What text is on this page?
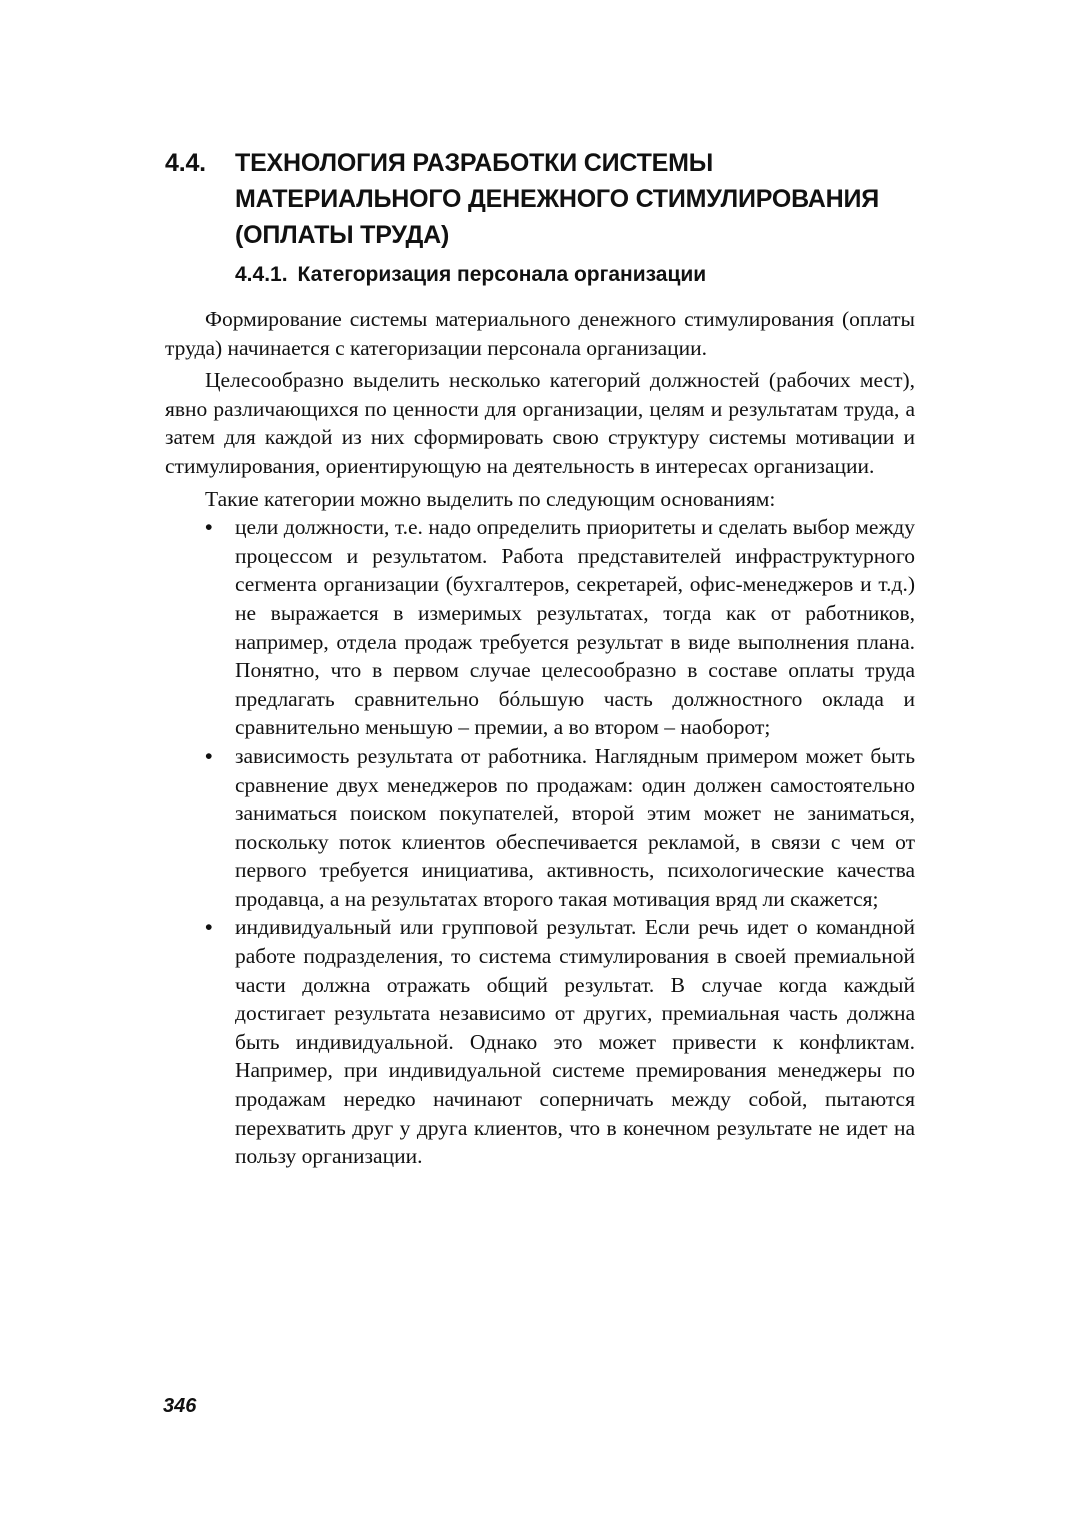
4.4.	ТЕХНОЛОГИЯ РАЗРАБОТКИ СИСТЕМЫ
МАТЕРИАЛЬНОГО ДЕНЕЖНОГО СТИМУЛИРОВАНИЯ
(ОПЛАТЫ ТРУДА)
4.4.1. Категоризация персонала организации

Формирование системы материального денежного стимулирования (оплаты труда) начинается с категоризации персонала организации.

Целесообразно выделить несколько категорий должностей (рабочих мест), явно различающихся по ценности для организации, целям и результатам труда, а затем для каждой из них сформировать свою структуру системы мотивации и стимулирования, ориентирующую на деятельность в интересах организации.

Такие категории можно выделить по следующим основаниям:

• цели должности, т.е. надо определить приоритеты и сделать выбор между процессом и результатом. Работа представителей инфраструктурного сегмента организации (бухгалтеров, секретарей, офис-менеджеров и т.д.) не выражается в измеримых результатах, тогда как от работников, например, отдела продаж требуется результат в виде выполнения плана. Понятно, что в первом случае целесообразно в составе оплаты труда предлагать сравнительно бóльшую часть должностного оклада и сравнительно меньшую – премии, а во втором – наоборот;
• зависимость результата от работника. Наглядным примером может быть сравнение двух менеджеров по продажам: один должен самостоятельно заниматься поиском покупателей, второй этим может не заниматься, поскольку поток клиентов обеспечивается рекламой, в связи с чем от первого требуется инициатива, активность, психологические качества продавца, а на результатах второго такая мотивация вряд ли скажется;
• индивидуальный или групповой результат. Если речь идет о командной работе подразделения, то система стимулирования в своей премиальной части должна отражать общий результат. В случае когда каждый достигает результата независимо от других, премиальная часть должна быть индивидуальной. Однако это может привести к конфликтам. Например, при индивидуальной системе премирования менеджеры по продажам нередко начинают соперничать между собой, пытаются перехватить друг у друга клиентов, что в конечном результате не идет на пользу организации.
346
